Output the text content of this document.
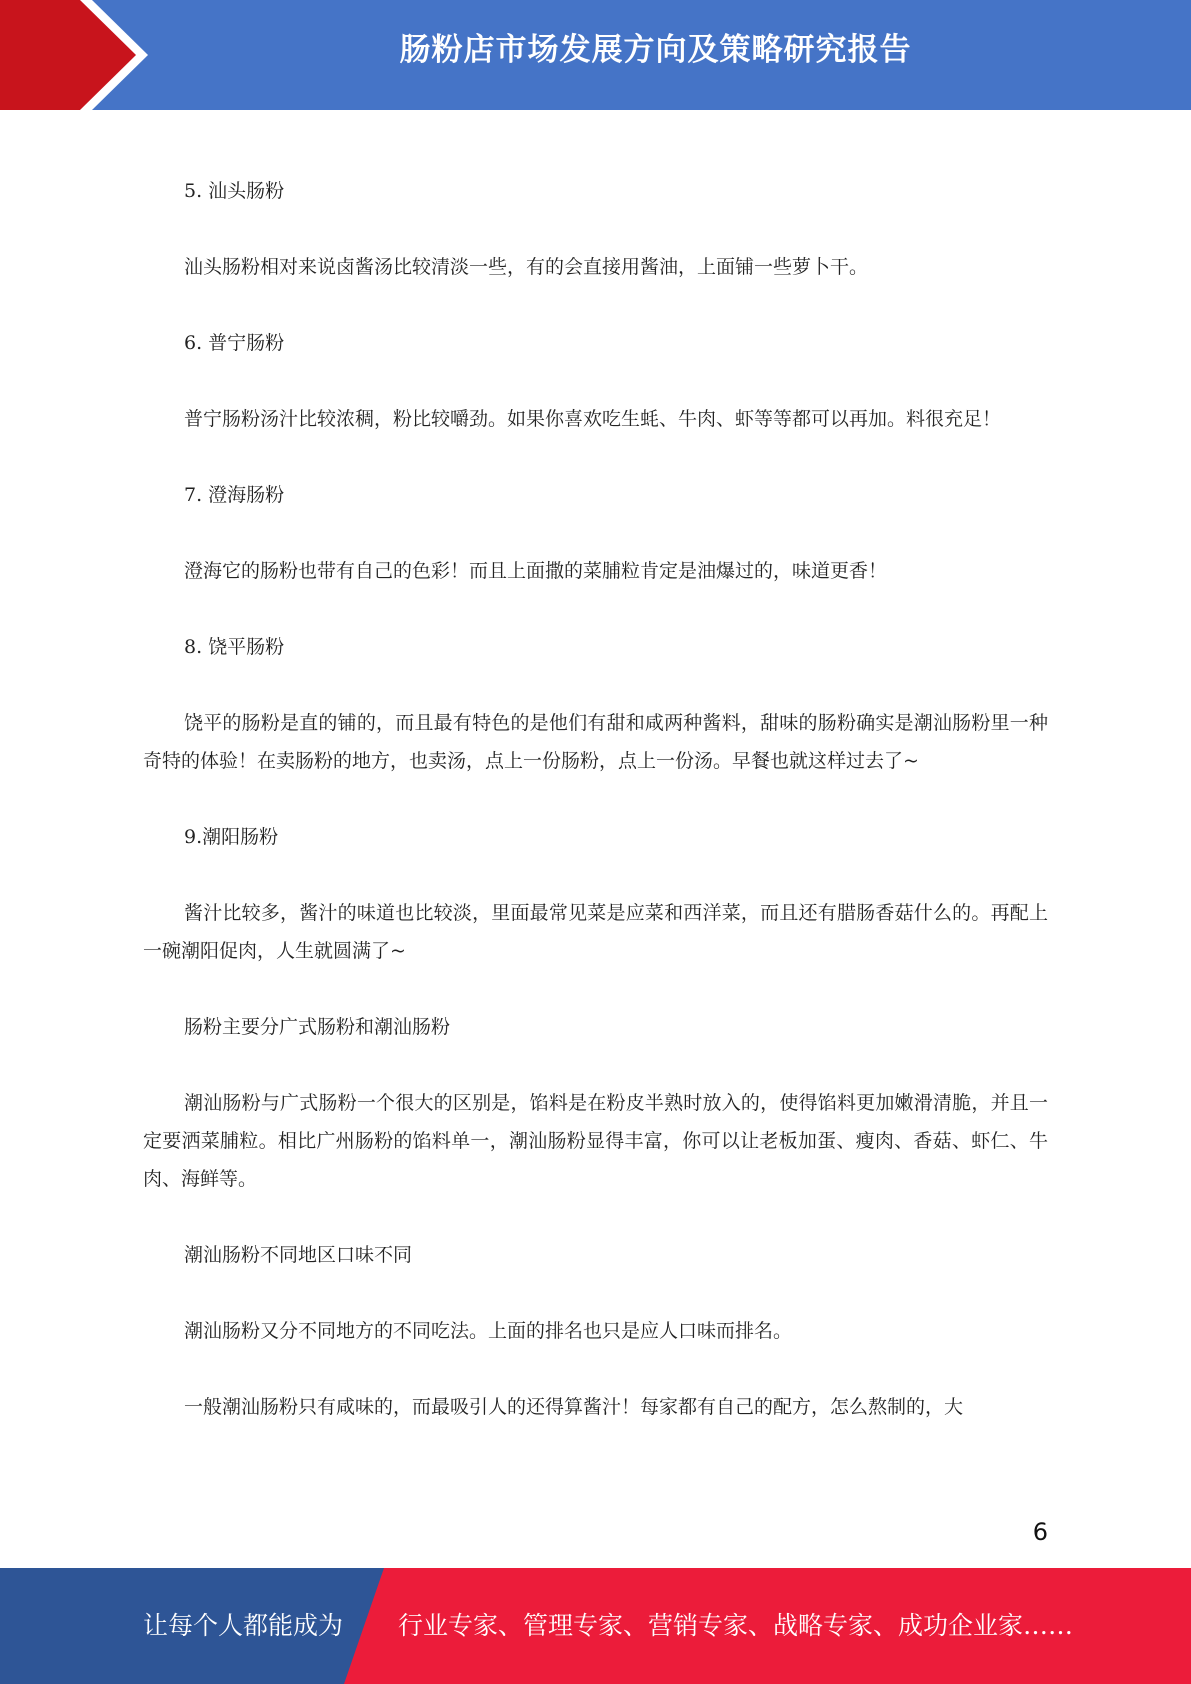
肠粉店市场发展方向及策略研究报告

5. 汕头肠粉

汕头肠粉相对来说卤酱汤比较清淡一些，有的会直接用酱油，上面铺一些萝卜干。

6. 普宁肠粉

普宁肠粉汤汁比较浓稠，粉比较嚼劲。如果你喜欢吃生蚝、牛肉、虾等等都可以再加。料很充足！

7. 澄海肠粉

澄海它的肠粉也带有自己的色彩！而且上面撒的菜脯粒肯定是油爆过的，味道更香！

8. 饶平肠粉

饶平的肠粉是直的铺的，而且最有特色的是他们有甜和咸两种酱料，甜味的肠粉确实是潮汕肠粉里一种奇特的体验！在卖肠粉的地方，也卖汤，点上一份肠粉，点上一份汤。早餐也就这样过去了~

9.潮阳肠粉

酱汁比较多，酱汁的味道也比较淡，里面最常见菜是应菜和西洋菜，而且还有腊肠香菇什么的。再配上一碗潮阳促肉，人生就圆满了~

肠粉主要分广式肠粉和潮汕肠粉

潮汕肠粉与广式肠粉一个很大的区别是，馅料是在粉皮半熟时放入的，使得馅料更加嫩滑清脆，并且一定要洒菜脯粒。相比广州肠粉的馅料单一，潮汕肠粉显得丰富，你可以让老板加蛋、瘦肉、香菇、虾仁、牛肉、海鲜等。

潮汕肠粉不同地区口味不同

潮汕肠粉又分不同地方的不同吃法。上面的排名也只是应人口味而排名。

一般潮汕肠粉只有咸味的，而最吸引人的还得算酱汁！每家都有自己的配方，怎么熬制的，大

6
让每个人都能成为 行业专家、管理专家、营销专家、战略专家、成功企业家……
